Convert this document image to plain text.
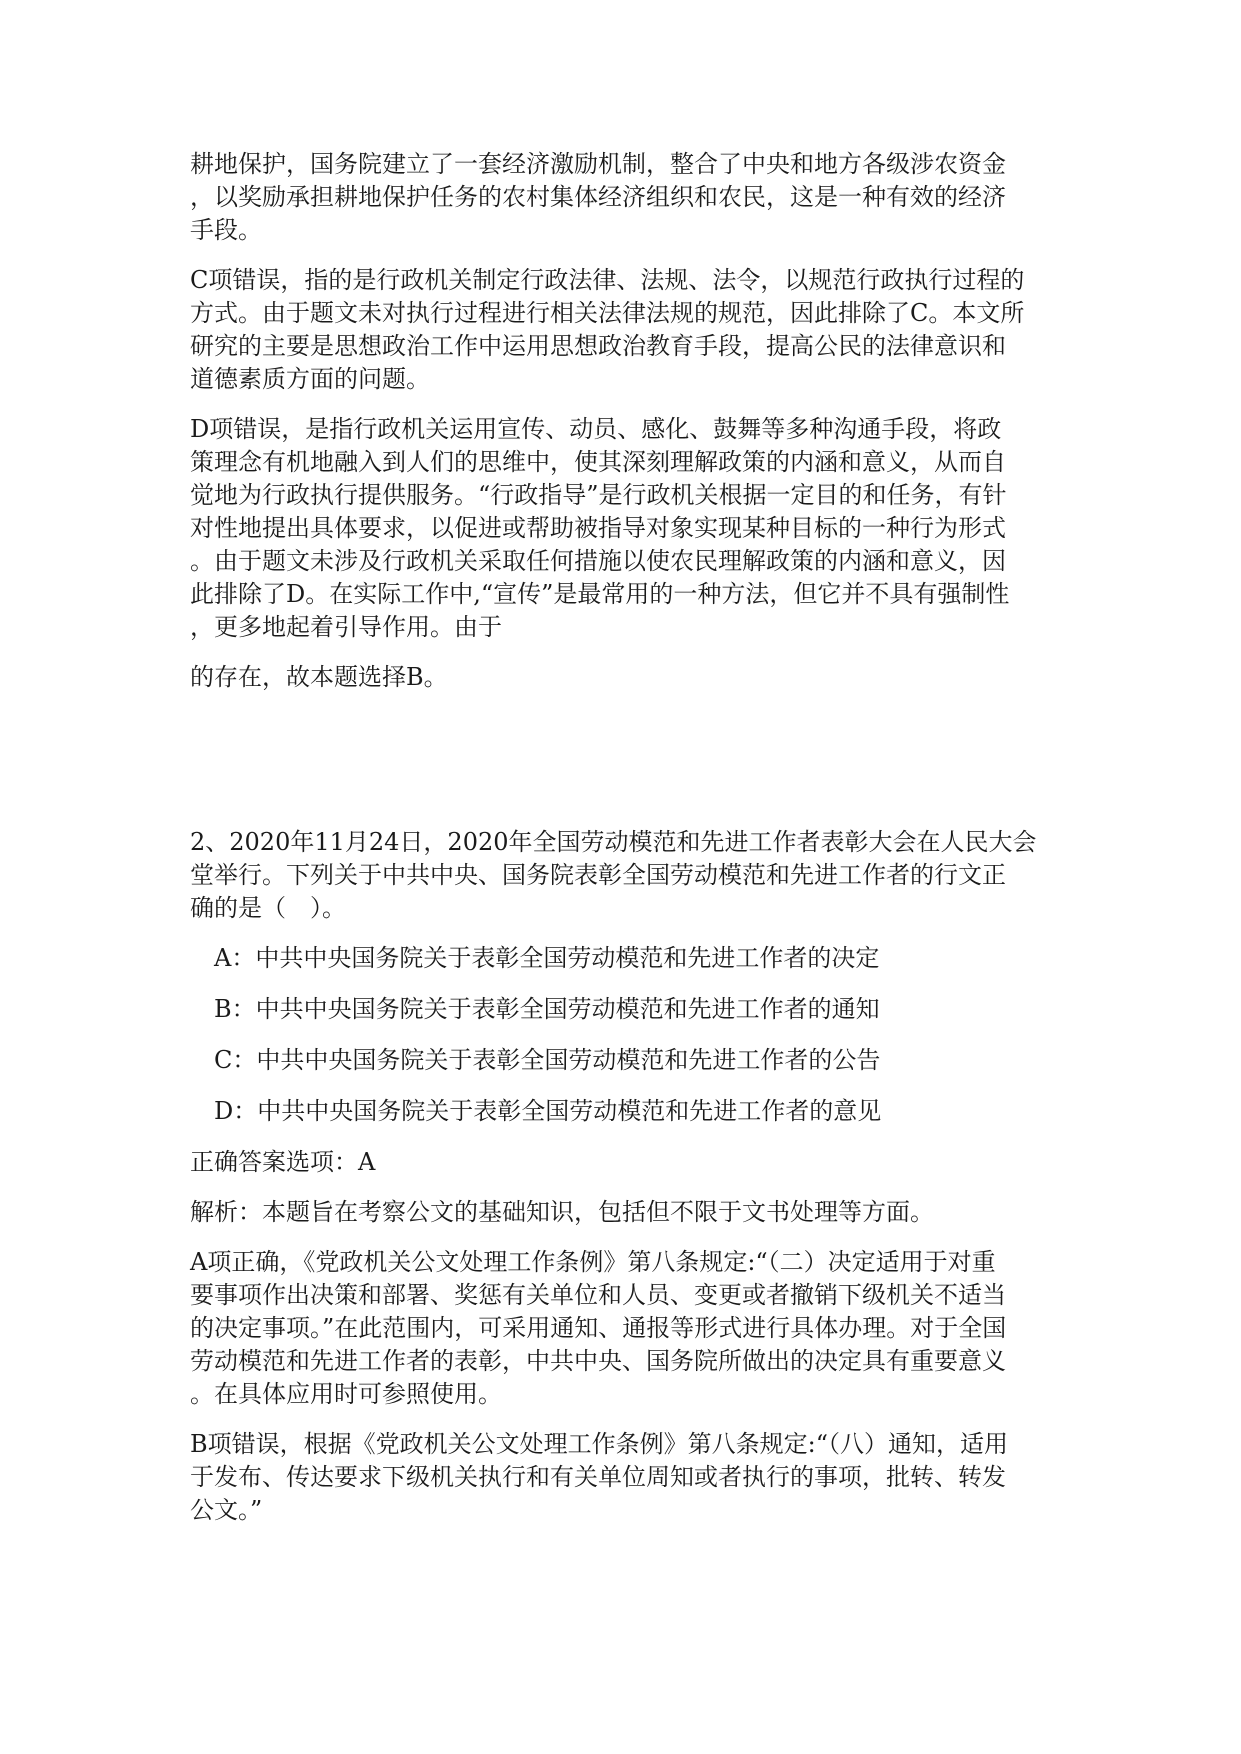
耕地保护，国务院建立了一套经济激励机制，整合了中央和地方各级涉农资金
，以奖励承担耕地保护任务的农村集体经济组织和农民，这是一种有效的经济
手段。

C项错误，指的是行政机关制定行政法律、法规、法令，以规范行政执行过程的
方式。由于题文未对执行过程进行相关法律法规的规范，因此排除了C。本文所
研究的主要是思想政治工作中运用思想政治教育手段，提高公民的法律意识和
道德素质方面的问题。

D项错误，是指行政机关运用宣传、动员、感化、鼓舞等多种沟通手段，将政
策理念有机地融入到人们的思维中，使其深刻理解政策的内涵和意义，从而自
觉地为行政执行提供服务。“行政指导”是行政机关根据一定目的和任务，有针
对性地提出具体要求，以促进或帮助被指导对象实现某种目标的一种行为形式
。由于题文未涉及行政机关采取任何措施以使农民理解政策的内涵和意义，因
此排除了D。在实际工作中,“宣传”是最常用的一种方法，但它并不具有强制性
，更多地起着引导作用。由于

的存在，故本题选择B。

2、2020年11月24日，2020年全国劳动模范和先进工作者表彰大会在人民大会
堂举行。下列关于中共中央、国务院表彰全国劳动模范和先进工作者的行文正
确的是（　）。

A：中共中央国务院关于表彰全国劳动模范和先进工作者的决定
B：中共中央国务院关于表彰全国劳动模范和先进工作者的通知
C：中共中央国务院关于表彰全国劳动模范和先进工作者的公告
D：中共中央国务院关于表彰全国劳动模范和先进工作者的意见

正确答案选项：A

解析：本题旨在考察公文的基础知识，包括但不限于文书处理等方面。

A项正确，《党政机关公文处理工作条例》第八条规定:“（二）决定适用于对重
要事项作出决策和部署、奖惩有关单位和人员、变更或者撤销下级机关不适当
的决定事项。”在此范围内，可采用通知、通报等形式进行具体办理。对于全国
劳动模范和先进工作者的表彰，中共中央、国务院所做出的决定具有重要意义
。在具体应用时可参照使用。

B项错误，根据《党政机关公文处理工作条例》第八条规定:“（八）通知，适用
于发布、传达要求下级机关执行和有关单位周知或者执行的事项，批转、转发
公文。”
